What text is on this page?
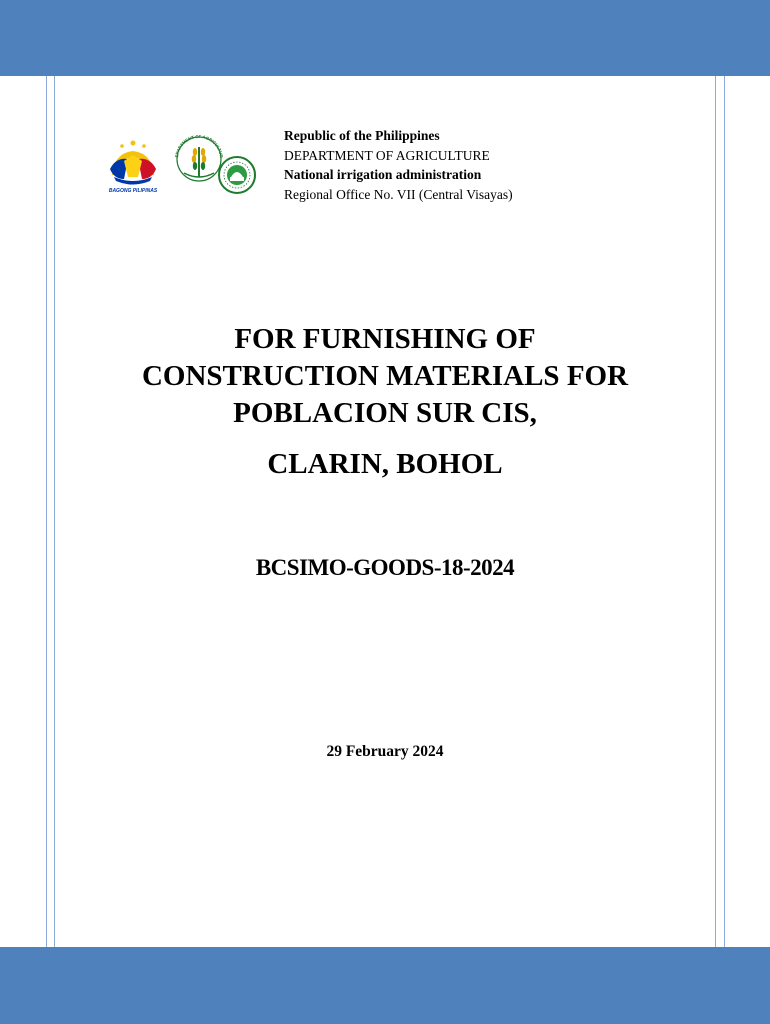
BAGONG PILIPINAS
EPARTMENT OF AGRICULTUR
Republic of the Philippines
DEPARTMENT OF AGRICULTURE
National irrigation administration
Regional Office No. VII (Central Visayas)
FOR FURNISHING OF
CONSTRUCTION MATERIALS FOR
POBLACION SUR CIS,
CLARIN, BOHOL
BCSIMO-GOODS-18-2024
29 February 2024
